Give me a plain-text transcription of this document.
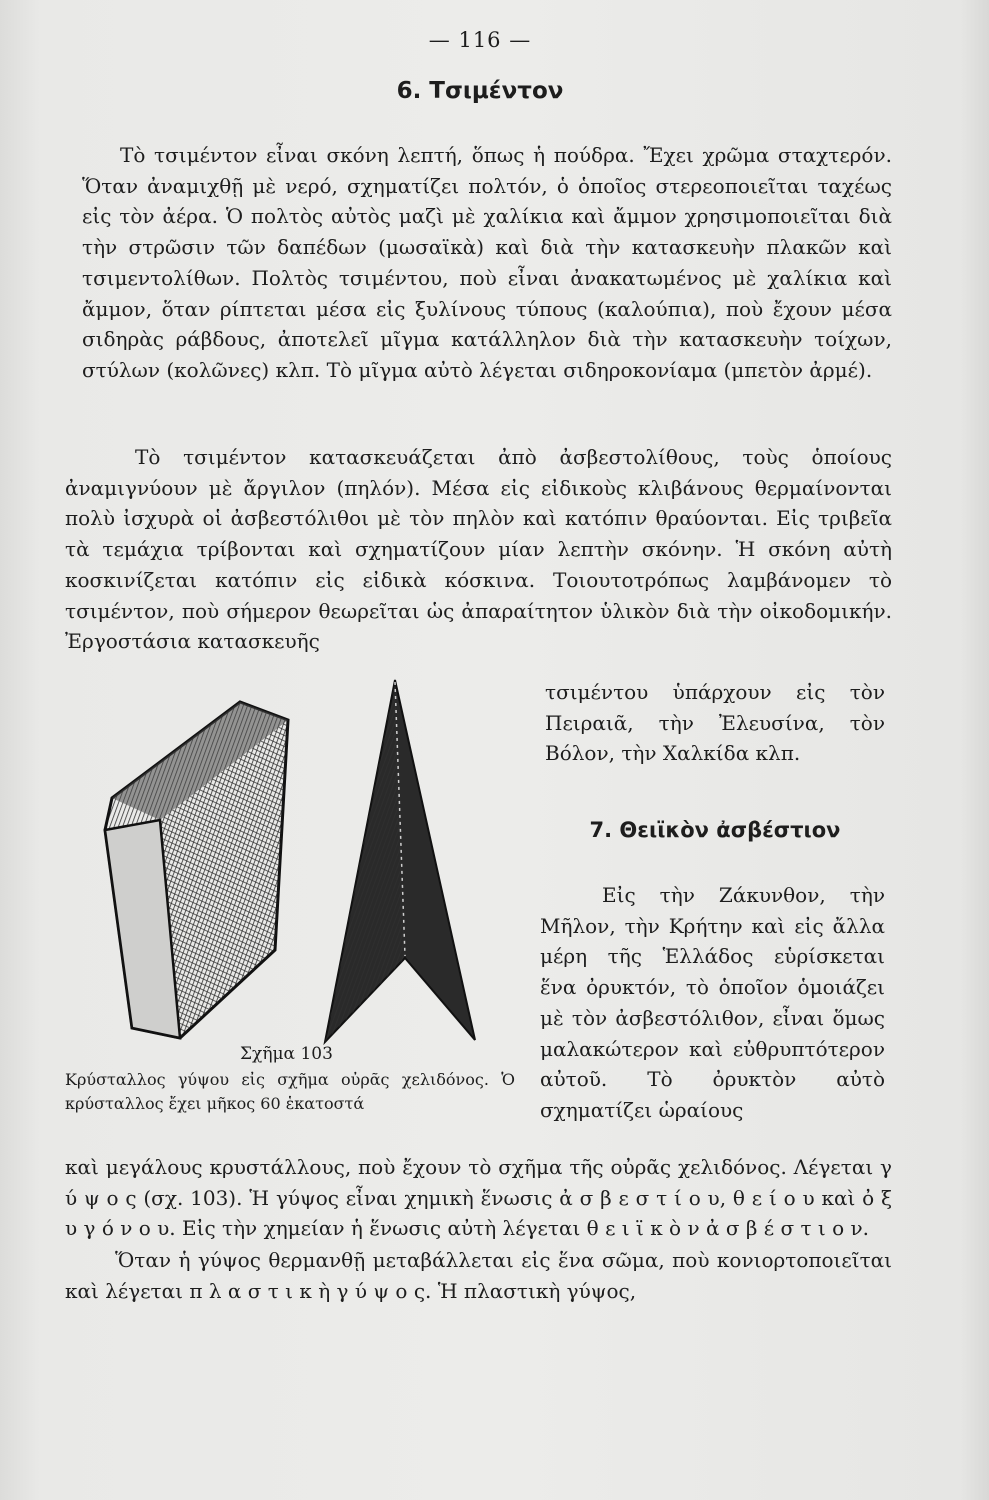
— 116 —
6. Τσιμέντον

Τὸ τσιμέντον εἶναι σκόνη λεπτή, ὅπως ἡ πούδρα. Ἔχει χρῶμα σταχτερόν. Ὅταν ἀναμιχθῇ μὲ νερό, σχηματίζει πολτόν, ὁ ὁποῖος στερεοποιεῖται ταχέως εἰς τὸν ἀέρα. Ὁ πολτὸς αὐτὸς μαζὶ μὲ χαλίκια καὶ ἄμμον χρησιμοποιεῖται διὰ τὴν στρῶσιν τῶν δαπέδων (μωσαϊκὰ) καὶ διὰ τὴν κατασκευὴν πλακῶν καὶ τσιμεντολίθων. Πολτὸς τσιμέντου, ποὺ εἶναι ἀνακατωμένος μὲ χαλίκια καὶ ἄμμον, ὅταν ρίπτεται μέσα εἰς ξυλίνους τύπους (καλούπια), ποὺ ἔχουν μέσα σιδηρὰς ράβδους, ἀποτελεῖ μῖγμα κατάλληλον διὰ τὴν κατασκευὴν τοίχων, στύλων (κολῶνες) κλπ. Τὸ μῖγμα αὐτὸ λέγεται σιδηροκονίαμα (μπετὸν ἀρμέ).

Τὸ τσιμέντον κατασκευάζεται ἀπὸ ἀσβεστολίθους, τοὺς ὁποίους ἀναμιγνύουν μὲ ἄργιλον (πηλόν). Μέσα εἰς εἰδικοὺς κλιβάνους θερμαίνονται πολὺ ἰσχυρὰ οἱ ἀσβεστόλιθοι μὲ τὸν πηλὸν καὶ κατόπιν θραύονται. Εἰς τριβεῖα τὰ τεμάχια τρίβονται καὶ σχηματίζουν μίαν λεπτὴν σκόνην. Ἡ σκόνη αὐτὴ κοσκινίζεται κατόπιν εἰς εἰδικὰ κόσκινα. Τοιουτοτρόπως λαμβάνομεν τὸ τσιμέντον, ποὺ σήμερον θεωρεῖται ὡς ἀπαραίτητον ὑλικὸν διὰ τὴν οἰκοδομικήν. Ἐργοστάσια κατασκευῆς

τσιμέντου ὑπάρχουν εἰς τὸν Πειραιᾶ, τὴν Ἐλευσίνα, τὸν Βόλον, τὴν Χαλκίδα κλπ.

7. Θειϊκὸν ἀσβέστιον

Εἰς τὴν Ζάκυνθον, τὴν Μῆλον, τὴν Κρήτην καὶ εἰς ἄλλα μέρη τῆς Ἑλλάδος εὑρίσκεται ἕνα ὀρυκτόν, τὸ ὁποῖον ὁμοιάζει μὲ τὸν ἀσβεστόλιθον, εἶναι ὅμως μαλακώτερον καὶ εὐθρυπτότερον αὐτοῦ. Τὸ ὀρυκτὸν αὐτὸ σχηματίζει ὡραίους

Σχῆμα 103

Κρύσταλλος γύψου εἰς σχῆμα οὐρᾶς χελιδόνος. Ὁ κρύσταλλος ἔχει μῆκος 60 ἑκατοστά

καὶ μεγάλους κρυστάλλους, ποὺ ἔχουν τὸ σχῆμα τῆς οὐρᾶς χελιδόνος. Λέγεται γ ύ ψ ο ς (σχ. 103). Ἡ γύψος εἶναι χημικὴ ἕνωσις ἀ σ β ε σ τ ί ο υ, θ ε ί ο υ καὶ ὀ ξ υ γ ό ν ο υ. Εἰς τὴν χημείαν ἡ ἕνωσις αὐτὴ λέγεται θ ε ι ϊ κ ὸ ν ἀ σ β έ σ τ ι ο ν.

Ὅταν ἡ γύψος θερμανθῇ μεταβάλλεται εἰς ἕνα σῶμα, ποὺ κονιορτοποιεῖται καὶ λέγεται π λ α σ τ ι κ ὴ γ ύ ψ ο ς. Ἡ πλαστικὴ γύψος,
